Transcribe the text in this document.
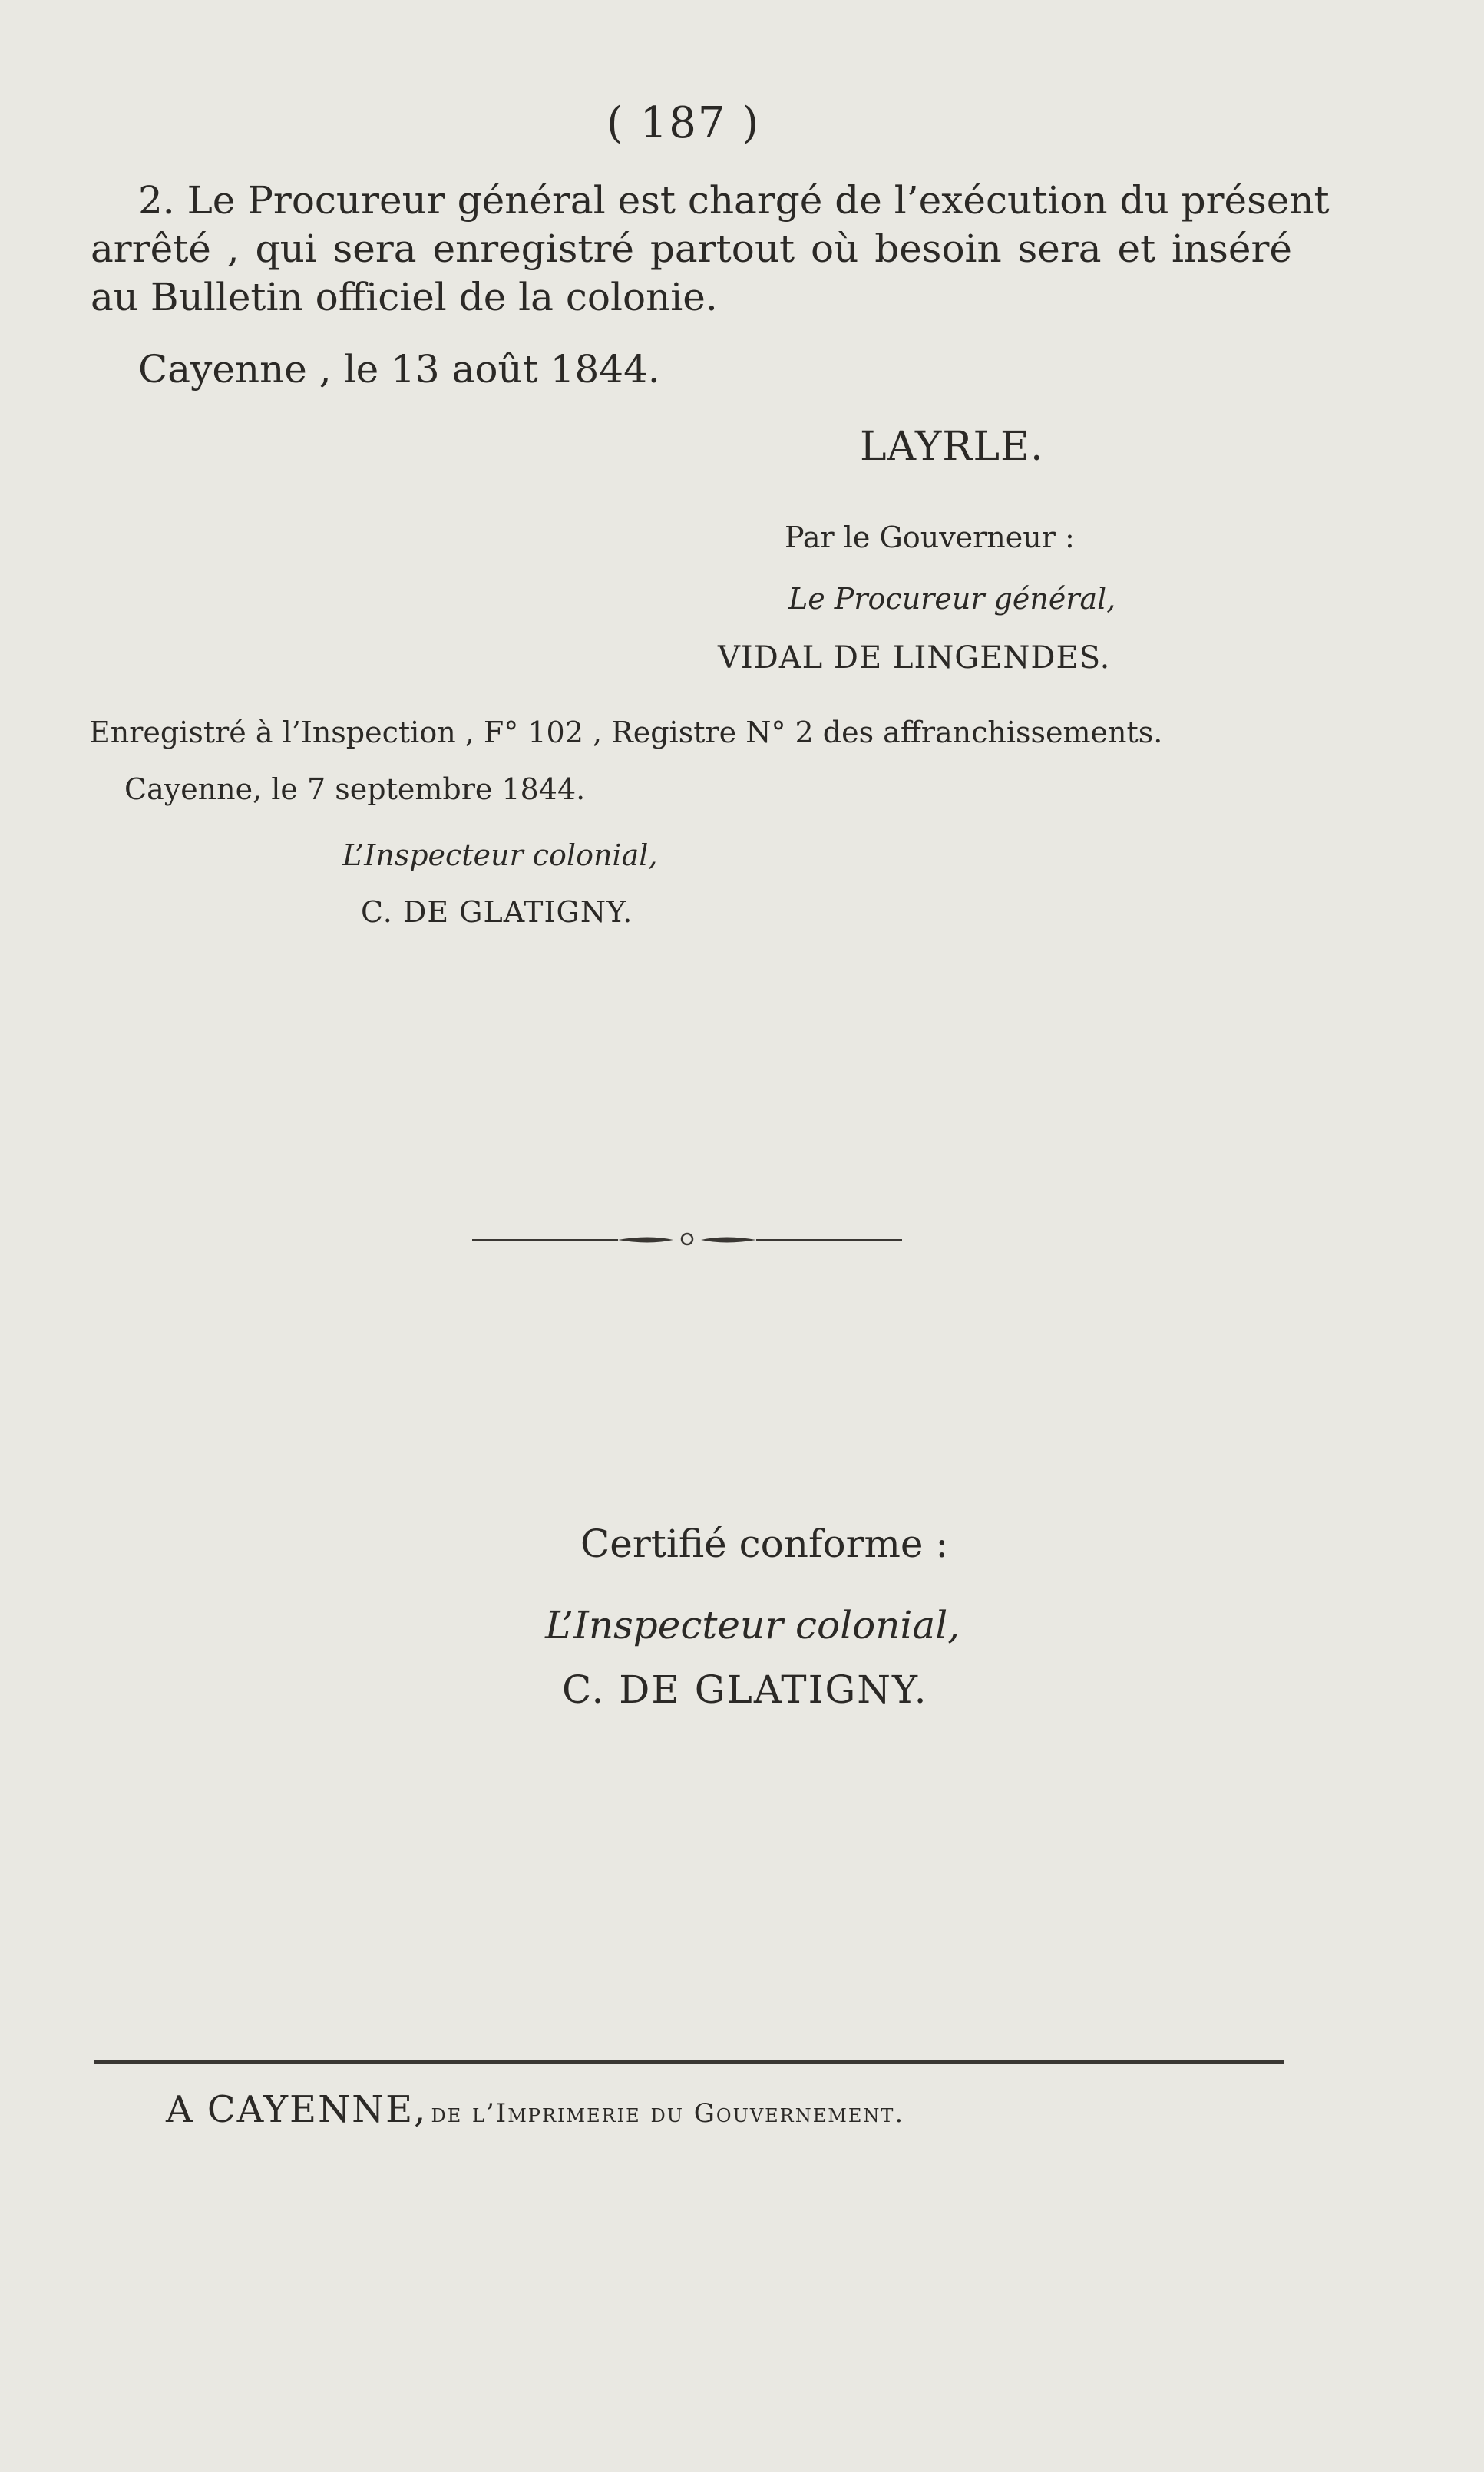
( 187 )
2. Le Procureur général est chargé de l’exécution du présent
arrêté , qui sera enregistré partout où besoin sera et inséré
au Bulletin officiel de la colonie.
Cayenne , le 13 août 1844.
LAYRLE.
Par le Gouverneur :
Le Procureur général,
VIDAL DE LINGENDES.
Enregistré à l’Inspection , F° 102 , Registre N° 2 des affranchissements.
Cayenne, le 7 septembre 1844.
L’Inspecteur colonial,
C. DE GLATIGNY.
Certifié conforme :
L’Inspecteur colonial,
C. DE GLATIGNY.
A CAYENNE, de l’Imprimerie du Gouvernement.
